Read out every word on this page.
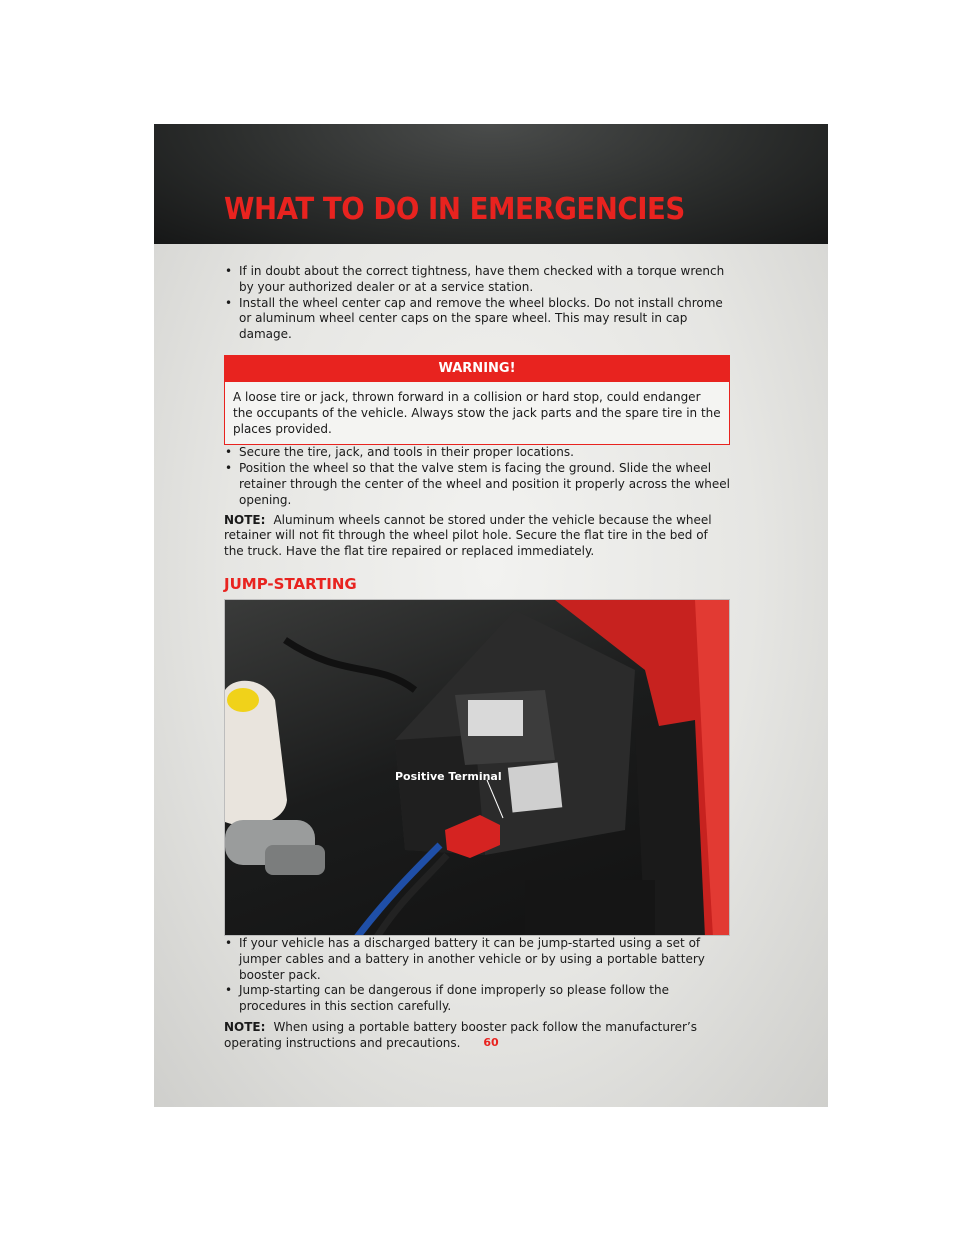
WHAT TO DO IN EMERGENCIES
• If in doubt about the correct tightness, have them checked with a torque wrench by your authorized dealer or at a service station.
• Install the wheel center cap and remove the wheel blocks. Do not install chrome or aluminum wheel center caps on the spare wheel. This may result in cap damage.
WARNING!
A loose tire or jack, thrown forward in a collision or hard stop, could endanger the occupants of the vehicle. Always stow the jack parts and the spare tire in the places provided.
• Secure the tire, jack, and tools in their proper locations.
• Position the wheel so that the valve stem is facing the ground. Slide the wheel retainer through the center of the wheel and position it properly across the wheel opening.
NOTE: Aluminum wheels cannot be stored under the vehicle because the wheel retainer will not fit through the wheel pilot hole. Secure the flat tire in the bed of the truck. Have the flat tire repaired or replaced immediately.
JUMP-STARTING
Positive Terminal
• If your vehicle has a discharged battery it can be jump-started using a set of jumper cables and a battery in another vehicle or by using a portable battery booster pack.
• Jump-starting can be dangerous if done improperly so please follow the procedures in this section carefully.
NOTE: When using a portable battery booster pack follow the manufacturer’s operating instructions and precautions.	60
